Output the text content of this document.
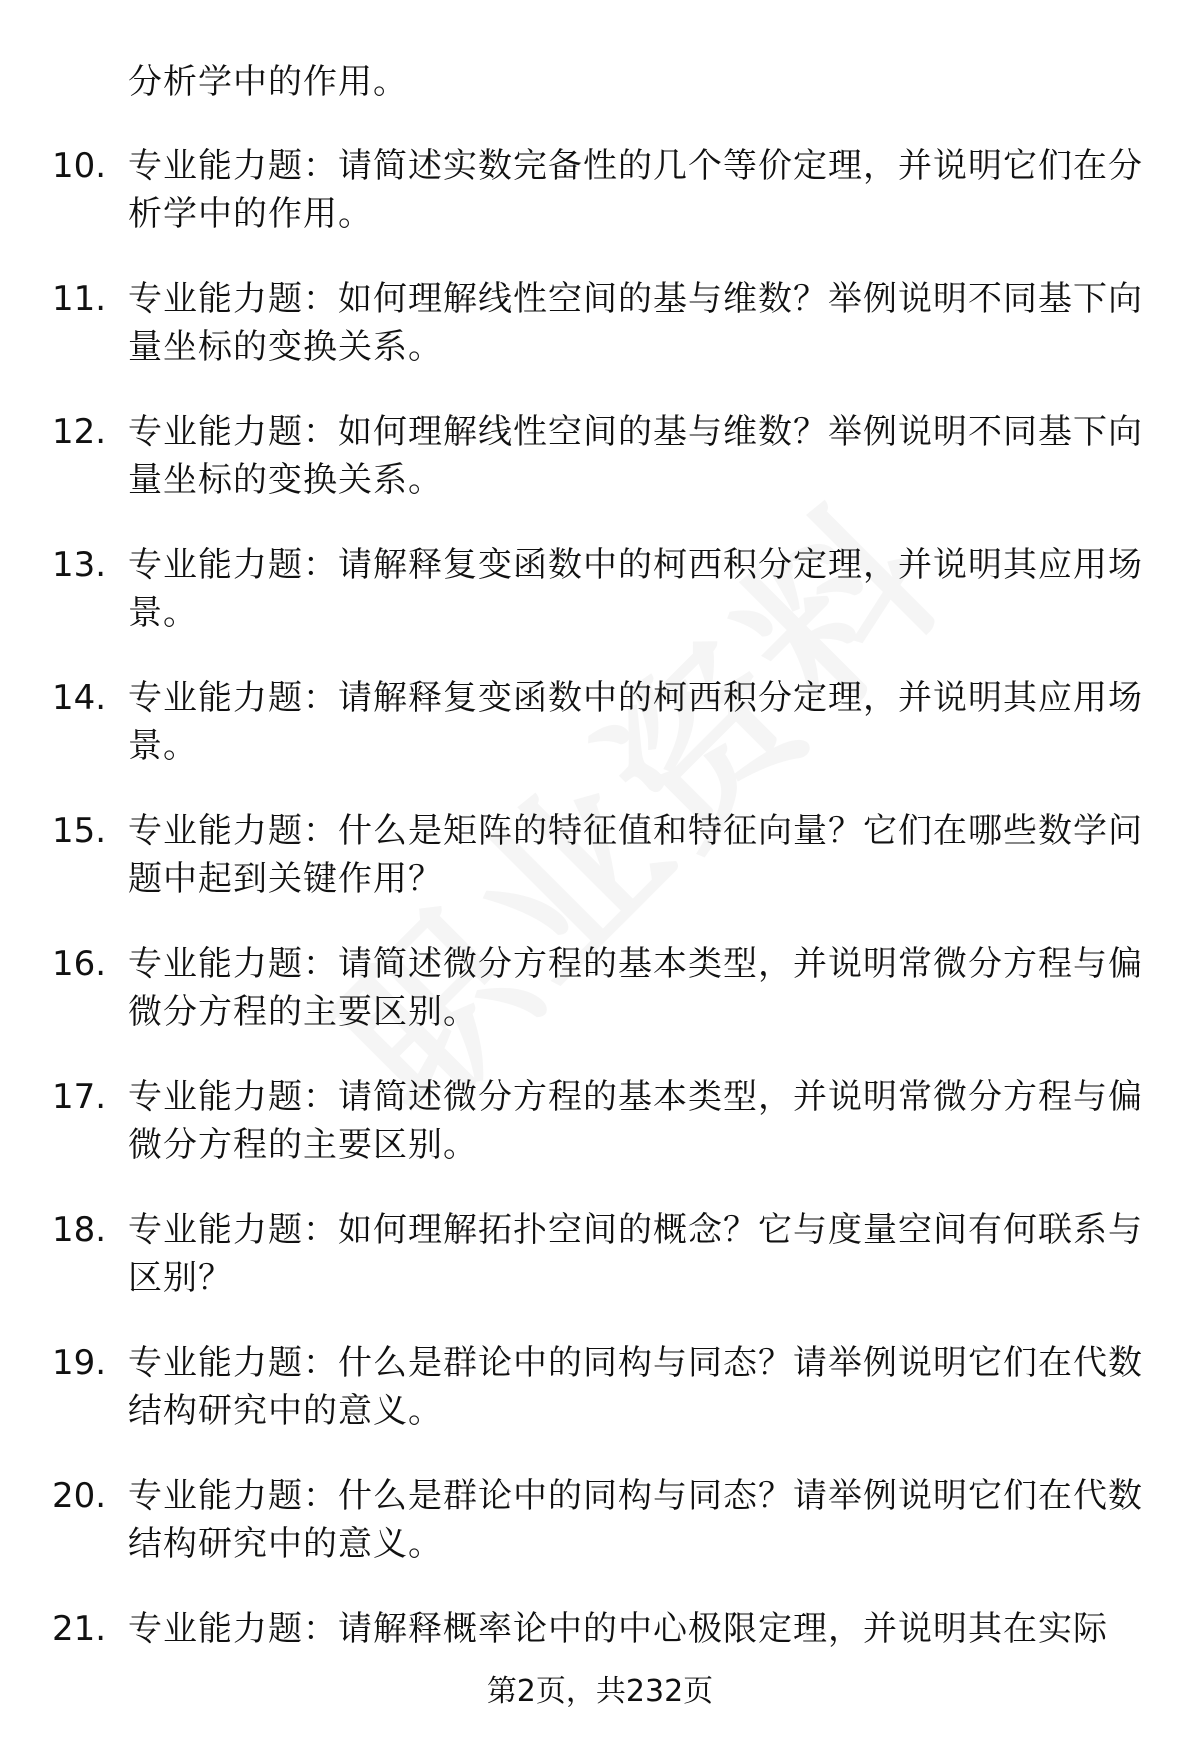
分析学中的作用。
10. 专业能力题：请简述实数完备性的几个等价定理，并说明它们在分析学中的作用。
11. 专业能力题：如何理解线性空间的基与维数？举例说明不同基下向量坐标的变换关系。
12. 专业能力题：如何理解线性空间的基与维数？举例说明不同基下向量坐标的变换关系。
13. 专业能力题：请解释复变函数中的柯西积分定理，并说明其应用场景。
14. 专业能力题：请解释复变函数中的柯西积分定理，并说明其应用场景。
15. 专业能力题：什么是矩阵的特征值和特征向量？它们在哪些数学问题中起到关键作用？
16. 专业能力题：请简述微分方程的基本类型，并说明常微分方程与偏微分方程的主要区别。
17. 专业能力题：请简述微分方程的基本类型，并说明常微分方程与偏微分方程的主要区别。
18. 专业能力题：如何理解拓扑空间的概念？它与度量空间有何联系与区别？
19. 专业能力题：什么是群论中的同构与同态？请举例说明它们在代数结构研究中的意义。
20. 专业能力题：什么是群论中的同构与同态？请举例说明它们在代数结构研究中的意义。
21. 专业能力题：请解释概率论中的中心极限定理，并说明其在实际
第2页，共232页
